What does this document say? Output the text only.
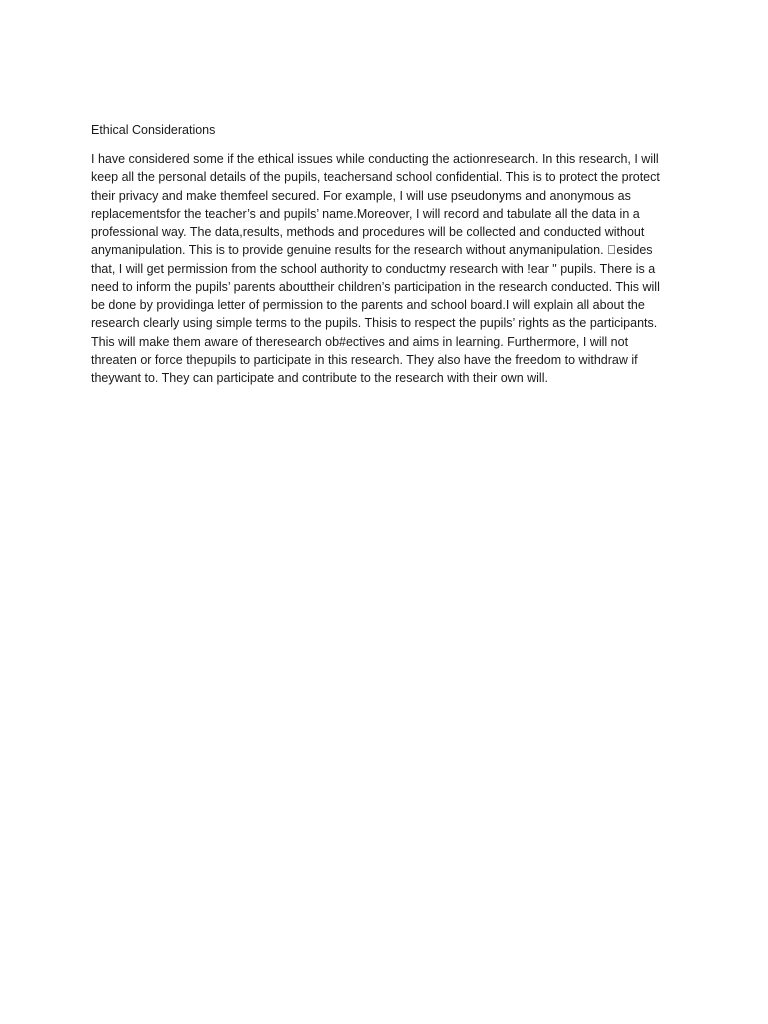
Ethical Considerations

I have considered some if the ethical issues while conducting the actionresearch. In this research, I will
keep all the personal details of the pupils, teachersand school confidential. This is to protect the protect
their privacy and make themfeel secured. For example, I will use pseudonyms and anonymous as
replacementsfor the teacher’s and pupils’ name.Moreover, I will record and tabulate all the data in a
professional way. The data,results, methods and procedures will be collected and conducted without
anymanipulation. This is to provide genuine results for the research without anymanipulation.  esides
that, I will get permission from the school authority to conductmy research with !ear " pupils. There is a
need to inform the pupils’ parents abouttheir children’s participation in the research conducted. This will
be done by providinga letter of permission to the parents and school board.I will explain all about the
research clearly using simple terms to the pupils. Thisis to respect the pupils’ rights as the participants.
This will make them aware of theresearch ob#ectives and aims in learning. Furthermore, I will not
threaten or force thepupils to participate in this research. They also have the freedom to withdraw if
theywant to. They can participate and contribute to the research with their own will.
